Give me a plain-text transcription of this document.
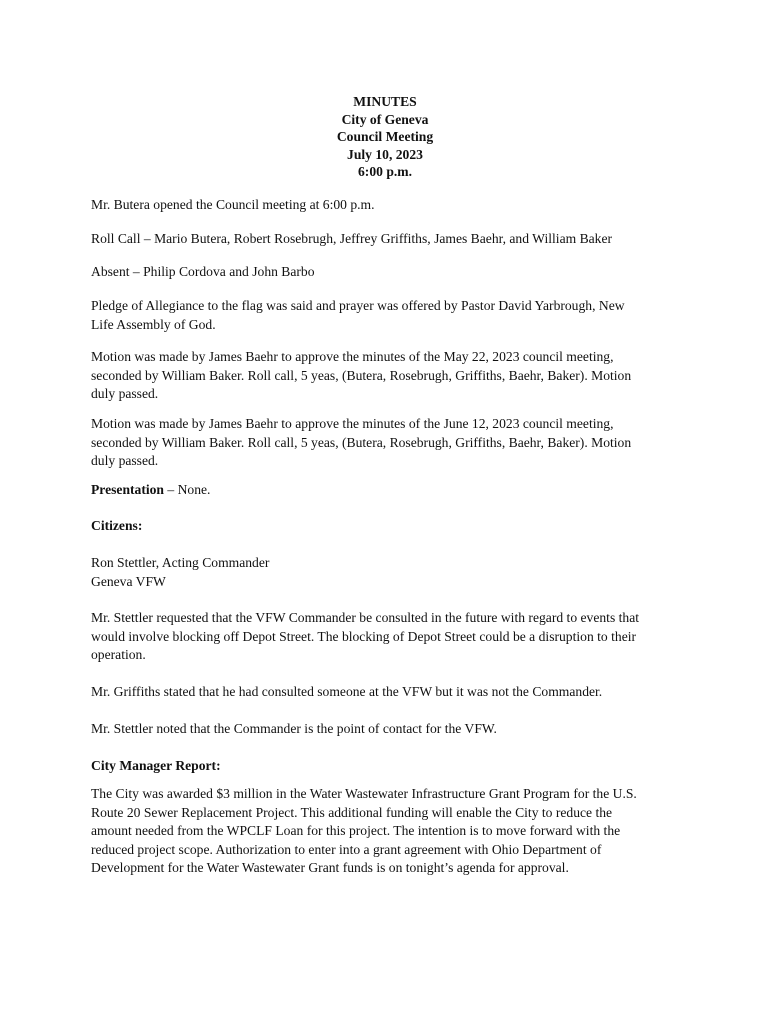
MINUTES
City of Geneva
Council Meeting
July 10, 2023
6:00 p.m.
Mr. Butera opened the Council meeting at 6:00 p.m.
Roll Call – Mario Butera, Robert Rosebrugh, Jeffrey Griffiths, James Baehr, and William Baker
Absent – Philip Cordova and John Barbo
Pledge of Allegiance to the flag was said and prayer was offered by Pastor David Yarbrough, New
Life Assembly of God.
Motion was made by James Baehr to approve the minutes of the May 22, 2023 council meeting,
seconded by William Baker. Roll call, 5 yeas, (Butera, Rosebrugh, Griffiths, Baehr, Baker). Motion
duly passed.
Motion was made by James Baehr to approve the minutes of the June 12, 2023 council meeting,
seconded by William Baker. Roll call, 5 yeas, (Butera, Rosebrugh, Griffiths, Baehr, Baker). Motion
duly passed.
Presentation – None.
Citizens:
Ron Stettler, Acting Commander
Geneva VFW
Mr. Stettler requested that the VFW Commander be consulted in the future with regard to events that
would involve blocking off Depot Street. The blocking of Depot Street could be a disruption to their
operation.
Mr. Griffiths stated that he had consulted someone at the VFW but it was not the Commander.
Mr. Stettler noted that the Commander is the point of contact for the VFW.
City Manager Report:
The City was awarded $3 million in the Water Wastewater Infrastructure Grant Program for the U.S.
Route 20 Sewer Replacement Project. This additional funding will enable the City to reduce the
amount needed from the WPCLF Loan for this project. The intention is to move forward with the
reduced project scope. Authorization to enter into a grant agreement with Ohio Department of
Development for the Water Wastewater Grant funds is on tonight’s agenda for approval.
